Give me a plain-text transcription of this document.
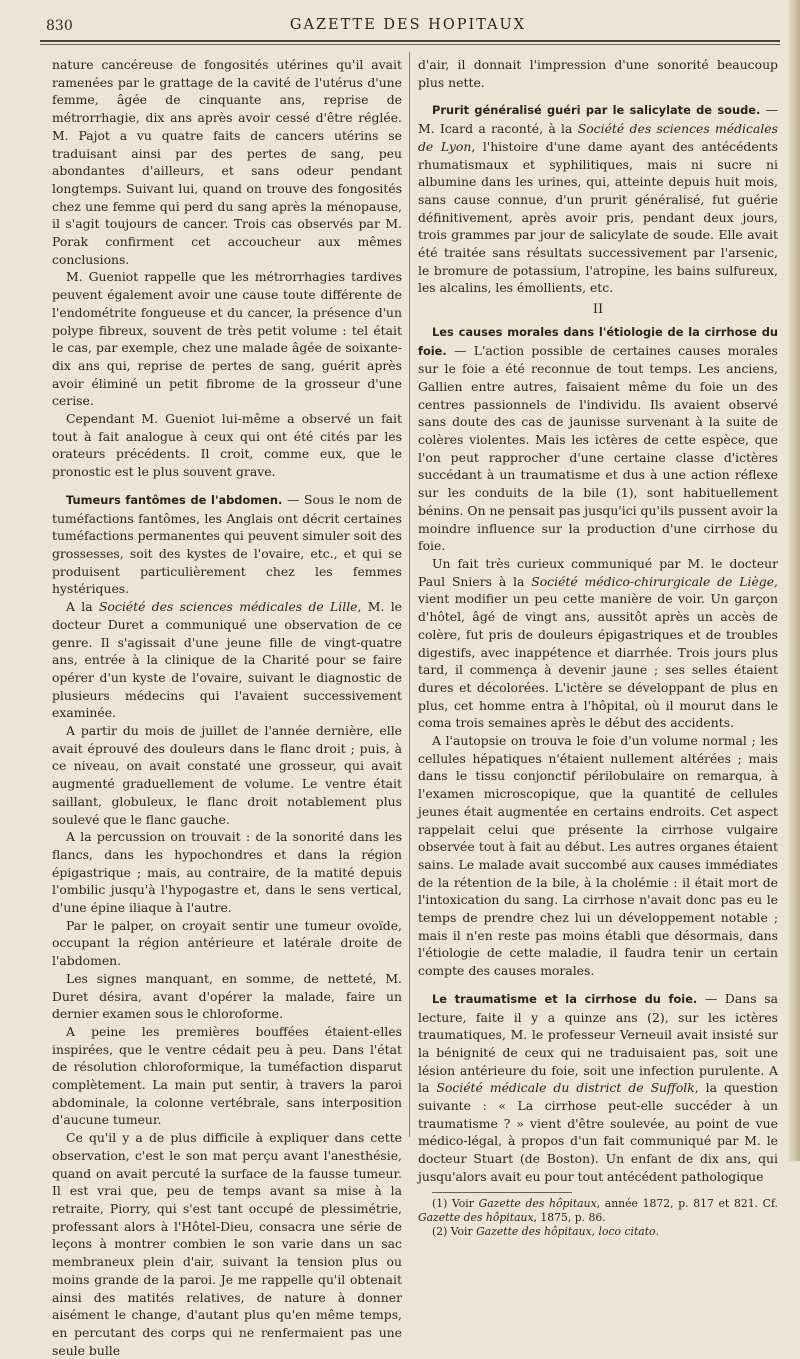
830	GAZETTE DES HOPITAUX

nature cancéreuse de fongosités utérines qu'il avait ramenées par le grattage de la cavité de l'utérus d'une femme, âgée de cinquante ans, reprise de métrorrhagie, dix ans après avoir cessé d'être réglée. M. Pajot a vu quatre faits de cancers utérins se traduisant ainsi par des pertes de sang, peu abondantes d'ailleurs, et sans odeur pendant longtemps. Suivant lui, quand on trouve des fongosités chez une femme qui perd du sang après la ménopause, il s'agit toujours de cancer. Trois cas observés par M. Porak confirment cet accoucheur aux mêmes conclusions.

M. Gueniot rappelle que les métrorrhagies tardives peuvent également avoir une cause toute différente de l'endométrite fongueuse et du cancer, la présence d'un polype fibreux, souvent de très petit volume : tel était le cas, par exemple, chez une malade âgée de soixante-dix ans qui, reprise de pertes de sang, guérit après avoir éliminé un petit fibrome de la grosseur d'une cerise.

Cependant M. Gueniot lui-même a observé un fait tout à fait analogue à ceux qui ont été cités par les orateurs précédents. Il croit, comme eux, que le pronostic est le plus souvent grave.

Tumeurs fantômes de l'abdomen. — Sous le nom de tuméfactions fantômes, les Anglais ont décrit certaines tuméfactions permanentes qui peuvent simuler soit des grossesses, soit des kystes de l'ovaire, etc., et qui se produisent particulièrement chez les femmes hystériques.

A la Société des sciences médicales de Lille, M. le docteur Duret a communiqué une observation de ce genre. Il s'agissait d'une jeune fille de vingt-quatre ans, entrée à la clinique de la Charité pour se faire opérer d'un kyste de l'ovaire, suivant le diagnostic de plusieurs médecins qui l'avaient successivement examinée.

A partir du mois de juillet de l'année dernière, elle avait éprouvé des douleurs dans le flanc droit ; puis, à ce niveau, on avait constaté une grosseur, qui avait augmenté graduellement de volume. Le ventre était saillant, globuleux, le flanc droit notablement plus soulevé que le flanc gauche.

A la percussion on trouvait : de la sonorité dans les flancs, dans les hypochondres et dans la région épigastrique ; mais, au contraire, de la matité depuis l'ombilic jusqu'à l'hypogastre et, dans le sens vertical, d'une épine iliaque à l'autre.

Par le palper, on croyait sentir une tumeur ovoïde, occupant la région antérieure et latérale droite de l'abdomen.

Les signes manquant, en somme, de netteté, M. Duret désira, avant d'opérer la malade, faire un dernier examen sous le chloroforme.

A peine les premières bouffées étaient-elles inspirées, que le ventre cédait peu à peu. Dans l'état de résolution chloroformique, la tuméfaction disparut complètement. La main put sentir, à travers la paroi abdominale, la colonne vertébrale, sans interposition d'aucune tumeur.

Ce qu'il y a de plus difficile à expliquer dans cette observation, c'est le son mat perçu avant l'anesthésie, quand on avait percuté la surface de la fausse tumeur. Il est vrai que, peu de temps avant sa mise à la retraite, Piorry, qui s'est tant occupé de plessimétrie, professant alors à l'Hôtel-Dieu, consacra une série de leçons à montrer combien le son varie dans un sac membraneux plein d'air, suivant la tension plus ou moins grande de la paroi. Je me rappelle qu'il obtenait ainsi des matités relatives, de nature à donner aisément le change, d'autant plus qu'en même temps, en percutant des corps qui ne renfermaient pas une seule bulle

d'air, il donnait l'impression d'une sonorité beaucoup plus nette.

Prurit généralisé guéri par le salicylate de soude. — M. Icard a raconté, à la Société des sciences médicales de Lyon, l'histoire d'une dame ayant des antécédents rhumatismaux et syphilitiques, mais ni sucre ni albumine dans les urines, qui, atteinte depuis huit mois, sans cause connue, d'un prurit généralisé, fut guérie définitivement, après avoir pris, pendant deux jours, trois grammes par jour de salicylate de soude. Elle avait été traitée sans résultats successivement par l'arsenic, le bromure de potassium, l'atropine, les bains sulfureux, les alcalins, les émollients, etc.

II

Les causes morales dans l'étiologie de la cirrhose du foie. — L'action possible de certaines causes morales sur le foie a été reconnue de tout temps. Les anciens, Gallien entre autres, faisaient même du foie un des centres passionnels de l'individu. Ils avaient observé sans doute des cas de jaunisse survenant à la suite de colères violentes. Mais les ictères de cette espèce, que l'on peut rapprocher d'une certaine classe d'ictères succédant à un traumatisme et dus à une action réflexe sur les conduits de la bile (1), sont habituellement bénins. On ne pensait pas jusqu'ici qu'ils pussent avoir la moindre influence sur la production d'une cirrhose du foie.

Un fait très curieux communiqué par M. le docteur Paul Sniers à la Société médico-chirurgicale de Liège, vient modifier un peu cette manière de voir. Un garçon d'hôtel, âgé de vingt ans, aussitôt après un accès de colère, fut pris de douleurs épigastriques et de troubles digestifs, avec inappétence et diarrhée. Trois jours plus tard, il commença à devenir jaune ; ses selles étaient dures et décolorées. L'ictère se développant de plus en plus, cet homme entra à l'hôpital, où il mourut dans le coma trois semaines après le début des accidents.

A l'autopsie on trouva le foie d'un volume normal ; les cellules hépatiques n'étaient nullement altérées ; mais dans le tissu conjonctif périlobulaire on remarqua, à l'examen microscopique, que la quantité de cellules jeunes était augmentée en certains endroits. Cet aspect rappelait celui que présente la cirrhose vulgaire observée tout à fait au début. Les autres organes étaient sains. Le malade avait succombé aux causes immédiates de la rétention de la bile, à la cholémie : il était mort de l'intoxication du sang. La cirrhose n'avait donc pas eu le temps de prendre chez lui un développement notable ; mais il n'en reste pas moins établi que désormais, dans l'étiologie de cette maladie, il faudra tenir un certain compte des causes morales.

Le traumatisme et la cirrhose du foie. — Dans sa lecture, faite il y a quinze ans (2), sur les ictères traumatiques, M. le professeur Verneuil avait insisté sur la bénignité de ceux qui ne traduisaient pas, soit une lésion antérieure du foie, soit une infection purulente. A la Société médicale du district de Suffolk, la question suivante : « La cirrhose peut-elle succéder à un traumatisme ? » vient d'être soulevée, au point de vue médico-légal, à propos d'un fait communiqué par M. le docteur Stuart (de Boston). Un enfant de dix ans, qui jusqu'alors avait eu pour tout antécédent pathologique

(1) Voir Gazette des hôpitaux, année 1872, p. 817 et 821. Cf. Gazette des hôpitaux, 1875, p. 86.

(2) Voir Gazette des hôpitaux, loco citato.
